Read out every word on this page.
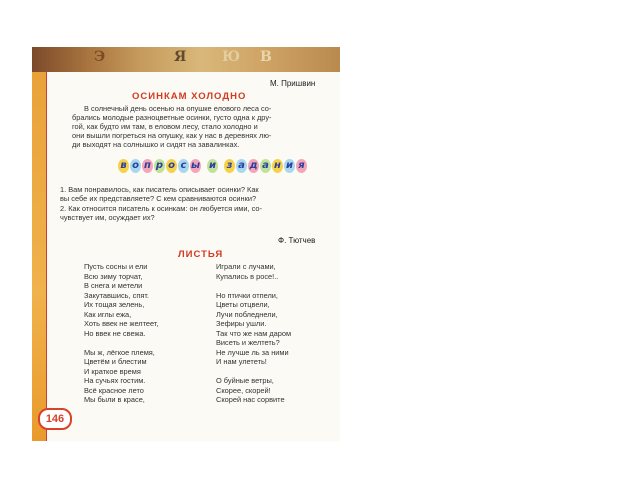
Э	Я	Ю В
146
М. Пришвин
ОСИНКАМ ХОЛОДНО
В солнечный день осенью на опушке елового леса со-
брались молодые разноцветные осинки, густо одна к дру-
гой, как будто им там, в еловом лесу, стало холодно и
они вышли погреться на опушку, как у нас в деревнях лю-
ди выходят на солнышко и сидят на завалинках.
в о п р о с ы и з а д а н и я
1. Вам понравилось, как писатель описывает осинки? Как
вы себе их представляете? С кем сравниваются осинки?
2. Как относится писатель к осинкам: он любуется ими, со-
чувствует им, осуждает их?
Ф. Тютчев
ЛИСТЬЯ
Пусть сосны и ели
Всю зиму торчат,
В снега и метели
Закутавшись, спят.
Их тощая зелень,
Как иглы ежа,
Хоть ввек не желтеет,
Но ввек не свежа.
Мы ж, лёгкое племя,
Цветём и блестим
И краткое время
На сучьях гостим.
Всё красное лето
Мы были в красе,
Играли с лучами,
Купались в росе!..
Но птички отпели,
Цветы отцвели,
Лучи побледнели,
Зефиры ушли.
Так что же нам даром
Висеть и желтеть?
Не лучше ль за ними
И нам улететь!
О буйные ветры,
Скорее, скорей!
Скорей нас сорвите
